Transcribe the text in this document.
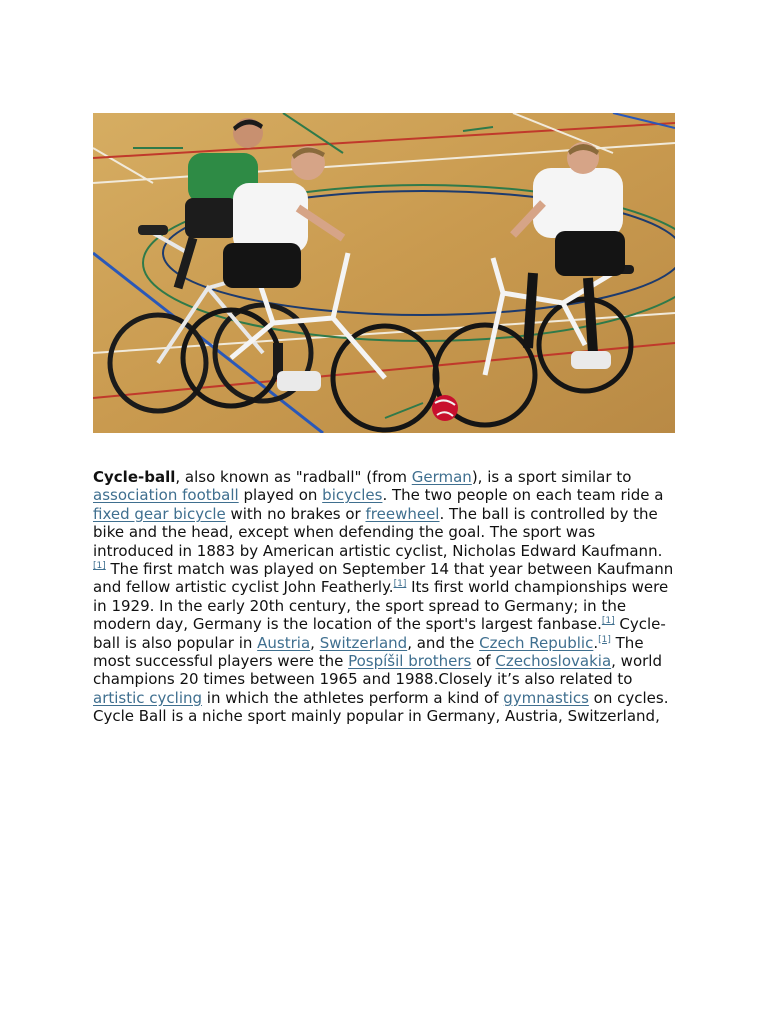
Cycle-ball, also known as "radball" (from German), is a sport similar to association football played on bicycles. The two people on each team ride a fixed gear bicycle with no brakes or freewheel. The ball is controlled by the bike and the head, except when defending the goal. The sport was introduced in 1883 by American artistic cyclist, Nicholas Edward Kaufmann.[1] The first match was played on September 14 that year between Kaufmann and fellow artistic cyclist John Featherly.[1] Its first world championships were in 1929. In the early 20th century, the sport spread to Germany; in the modern day, Germany is the location of the sport's largest fanbase.[1] Cycle-ball is also popular in Austria, Switzerland, and the Czech Republic.[1] The most successful players were the Pospíšil brothers of Czechoslovakia, world champions 20 times between 1965 and 1988.Closely it’s also related to artistic cycling in which the athletes perform a kind of gymnastics on cycles. Cycle Ball is a niche sport mainly popular in Germany, Austria, Switzerland,
